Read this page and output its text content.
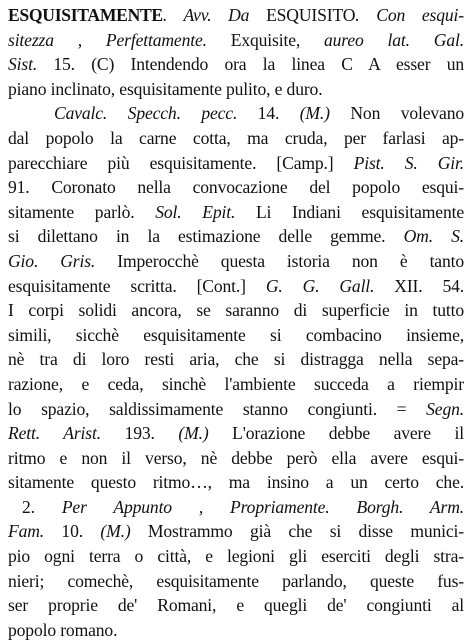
ESQUISITAMENTE. Avv. Da ESQUISITO. Con esqui-
sitezza , Perfettamente. Exquisite, aureo lat. Gal.
Sist. 15. (C) Intendendo ora la linea C A esser un
piano inclinato, esquisitamente pulito, e duro.
Cavalc. Specch. pecc. 14. (M.) Non volevano
dal popolo la carne cotta, ma cruda, per farlasi ap-
parecchiare più esquisitamente. [Camp.] Pist. S. Gir.
91. Coronato nella convocazione del popolo esqui-
sitamente parlò. Sol. Epit. Li Indiani esquisitamente
si dilettano in la estimazione delle gemme. Om. S.
Gio. Gris. Imperocchè questa istoria non è tanto
esquisitamente scritta. [Cont.] G. G. Gall. XII. 54.
I corpi solidi ancora, se saranno di superficie in tutto
simili, sicchè esquisitamente si combacino insieme,
nè tra di loro resti aria, che si distragga nella sepa-
razione, e ceda, sinchè l'ambiente succeda a riempir
lo spazio, saldissimamente stanno congiunti. = Segn.
Rett. Arist. 193. (M.) L'orazione debbe avere il
ritmo e non il verso, nè debbe però ella avere esqui-
sitamente questo ritmo…, ma insino a un certo che.
2. Per Appunto , Propriamente. Borgh. Arm.
Fam. 10. (M.) Mostrammo già che si disse munici-
pio ogni terra o città, e legioni gli eserciti degli stra-
nieri; comechè, esquisitamente parlando, queste fus-
ser proprie de' Romani, e quegli de' congiunti al
popolo romano.
